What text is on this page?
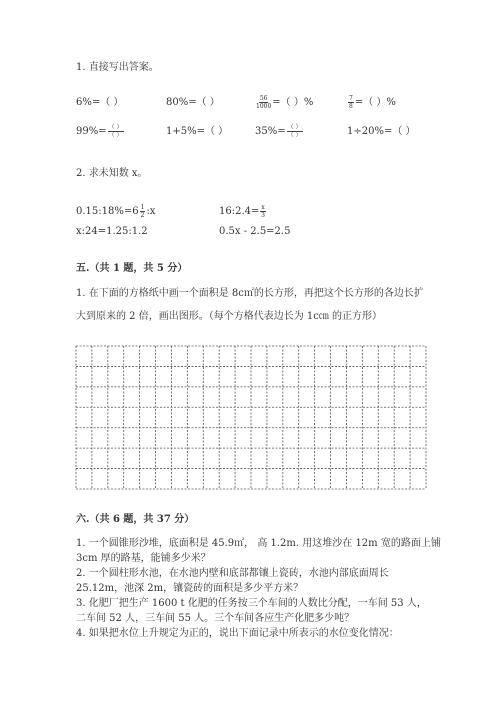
1. 直接写出答案。
6%=（ ）	80%=（ ）	$\frac{56}{1000}$ =（ ）%	$\frac{7}{8}$ =（ ）%
$99\%= \frac{( )}{( )}$	1+5%=（ ）	$35\%= \frac{( )}{( )}$	1÷20%=（ ）
2. 求未知数 x。
0.15:18%=6 $\frac{1}{2}$ :x	16:2.4= $\frac{x}{3}$
x:24=1.25:1.2	0.5x - 2.5=2.5
五.（共 1 题，共 5 分）
1. 在下面的方格纸中画一个面积是 8c㎡的长方形，再把这个长方形的各边长扩
大到原来的 2 倍，画出图形。（每个方格代表边长为 1c㎝ 的正方形）
六.（共 6 题，共 37 分）
1. 一个圆锥形沙堆，底面积是 45.9㎡， 高 1.2m. 用这堆沙在 12m 宽的路面上铺
3cm 厚的路基，能铺多少米？
2. 一个圆柱形水池，在水池内壁和底部都镶上瓷砖，水池内部底面周长
25.12m，池深 2m，镶瓷砖的面积是多少平方米？
3. 化肥厂把生产 1600 t 化肥的任务按三个车间的人数比分配，一车间 53 人，
二车间 52 人，三车间 55 人。三个车间各应生产化肥多少吨？
4. 如果把水位上升规定为正的，说出下面记录中所表示的水位变化情况：
